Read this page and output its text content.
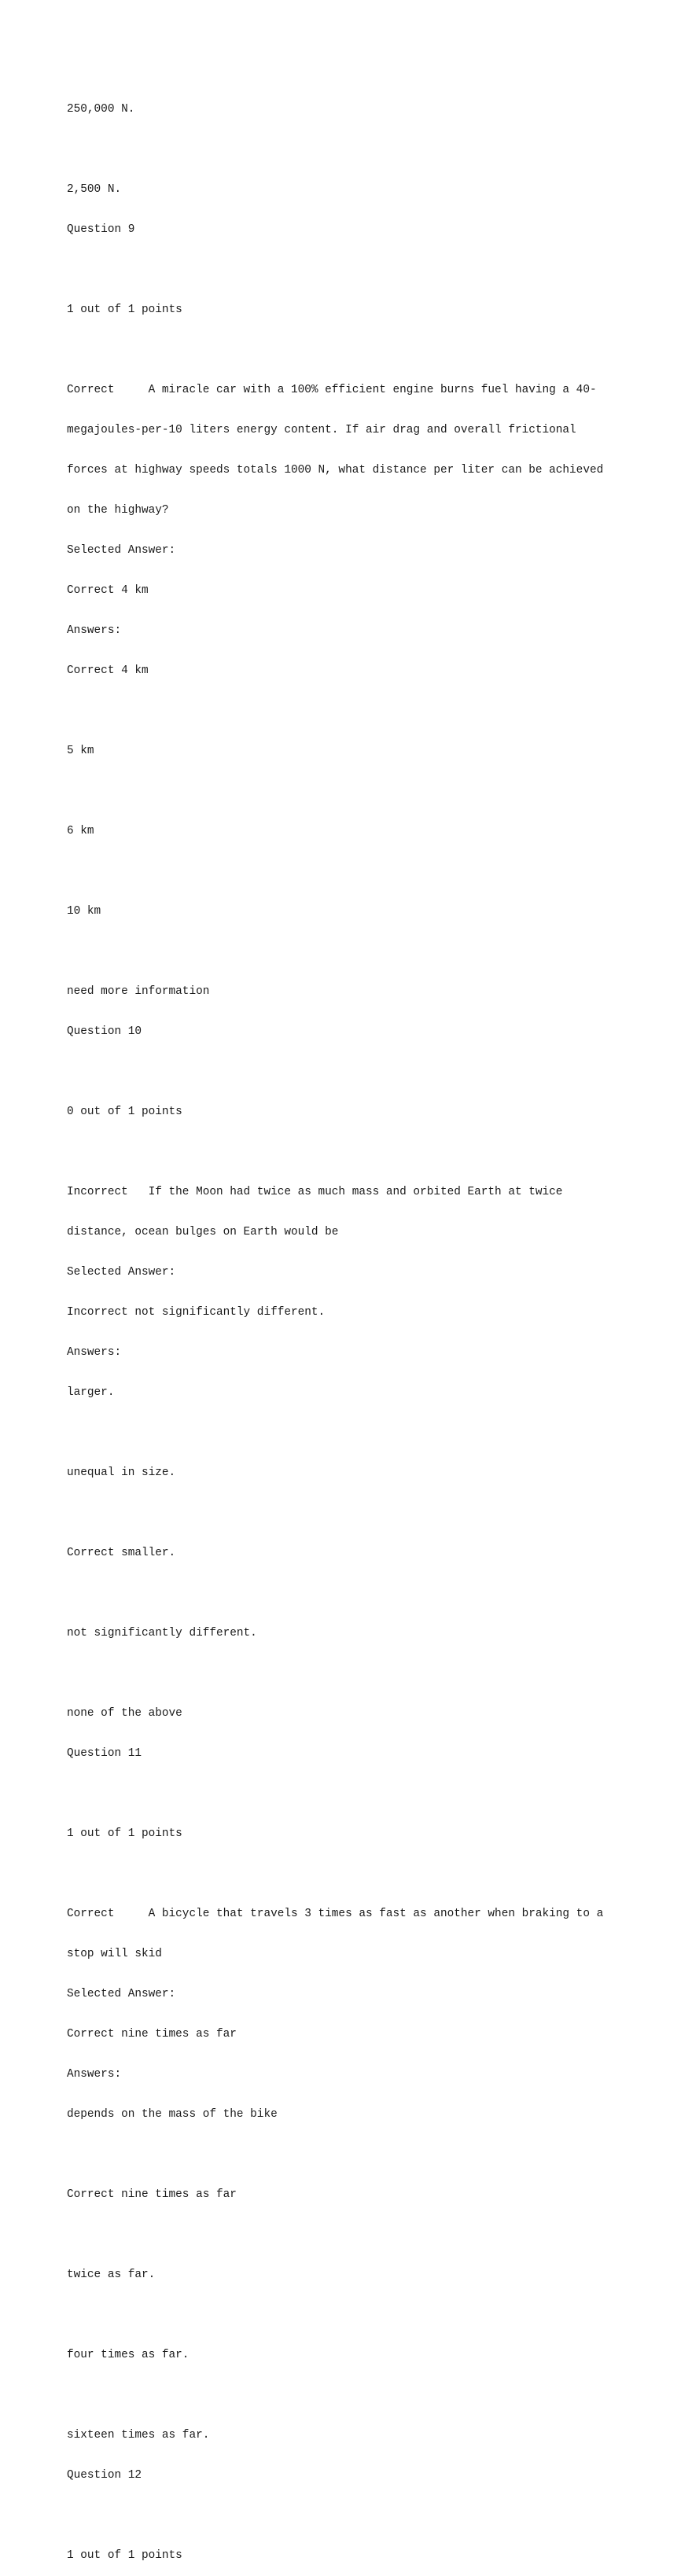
250,000 N.

2,500 N.

Question 9

1 out of 1 points

Correct     A miracle car with a 100% efficient engine burns fuel having a 40-

megajoules-per-10 liters energy content. If air drag and overall frictional

forces at highway speeds totals 1000 N, what distance per liter can be achieved

on the highway?

Selected Answer:

Correct 4 km

Answers:

Correct 4 km

5 km

6 km

10 km

need more information

Question 10

0 out of 1 points

Incorrect   If the Moon had twice as much mass and orbited Earth at twice

distance, ocean bulges on Earth would be

Selected Answer:

Incorrect not significantly different.

Answers:

larger.

unequal in size.

Correct smaller.

not significantly different.

none of the above

Question 11

1 out of 1 points

Correct     A bicycle that travels 3 times as fast as another when braking to a

stop will skid

Selected Answer:

Correct nine times as far

Answers:

depends on the mass of the bike

Correct nine times as far

twice as far.

four times as far.

sixteen times as far.

Question 12

1 out of 1 points
